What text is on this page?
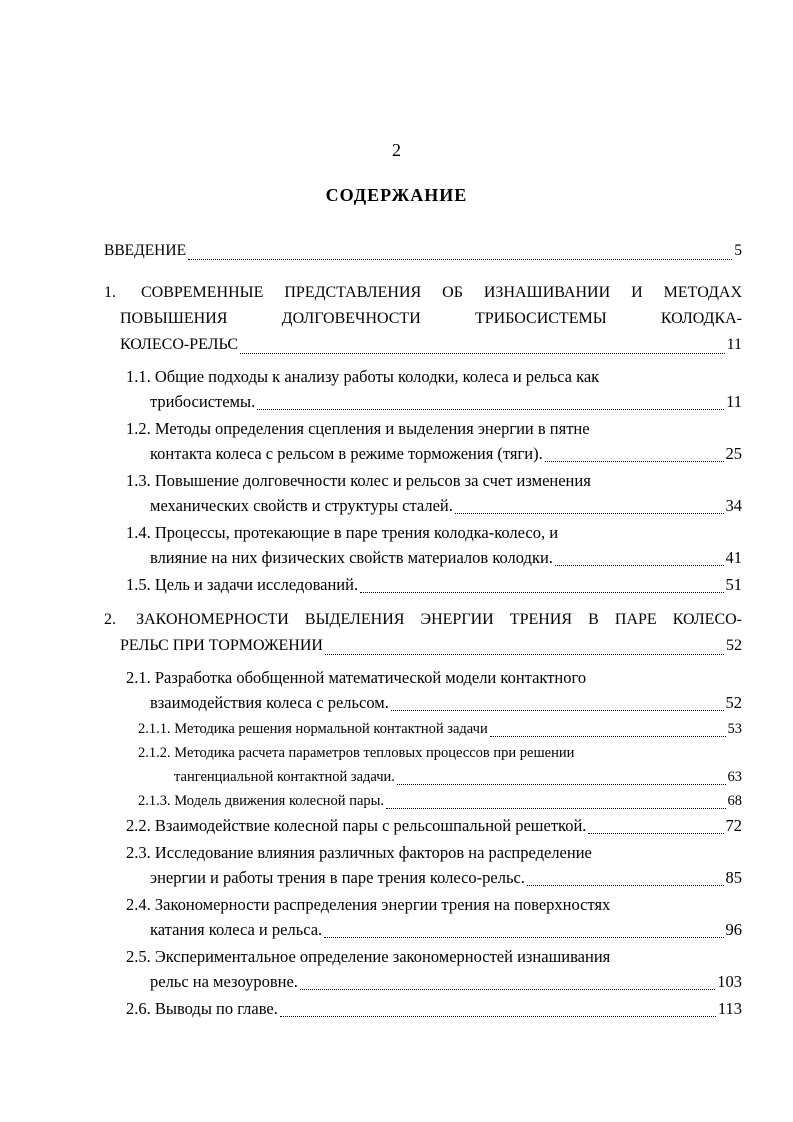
2
СОДЕРЖАНИЕ
ВВЕДЕНИЕ	5
1. СОВРЕМЕННЫЕ ПРЕДСТАВЛЕНИЯ ОБ ИЗНАШИВАНИИ И МЕТОДАХ
ПОВЫШЕНИЯ ДОЛГОВЕЧНОСТИ ТРИБОСИСТЕМЫ КОЛОДКА-
КОЛЕСО-РЕЛЬС	11
1.1. Общие подходы к анализу работы колодки, колеса и рельса как
трибосистемы.	11
1.2. Методы определения сцепления и выделения энергии в пятне
контакта колеса с рельсом в режиме торможения (тяги).	25
1.3. Повышение долговечности колес и рельсов за счет изменения
механических свойств и структуры сталей.	34
1.4. Процессы, протекающие в паре трения колодка-колесо, и
влияние на них физических свойств материалов колодки.	41
1.5. Цель и задачи исследований.	51
2. ЗАКОНОМЕРНОСТИ ВЫДЕЛЕНИЯ ЭНЕРГИИ ТРЕНИЯ В ПАРЕ КОЛЕСО-
РЕЛЬС ПРИ ТОРМОЖЕНИИ	52
2.1. Разработка обобщенной математической модели контактного
взаимодействия колеса с рельсом.	52
2.1.1. Методика решения нормальной контактной задачи	53
2.1.2. Методика расчета параметров тепловых процессов при решении
тангенциальной контактной задачи.	63
2.1.3. Модель движения колесной пары.	68
2.2. Взаимодействие колесной пары с рельсошпальной решеткой.	72
2.3. Исследование влияния различных факторов на распределение
энергии и работы трения в паре трения колесо-рельс.	85
2.4. Закономерности распределения энергии трения на поверхностях
катания колеса и рельса.	96
2.5. Экспериментальное определение закономерностей изнашивания
рельс на мезоуровне.	103
2.6. Выводы по главе.	113
